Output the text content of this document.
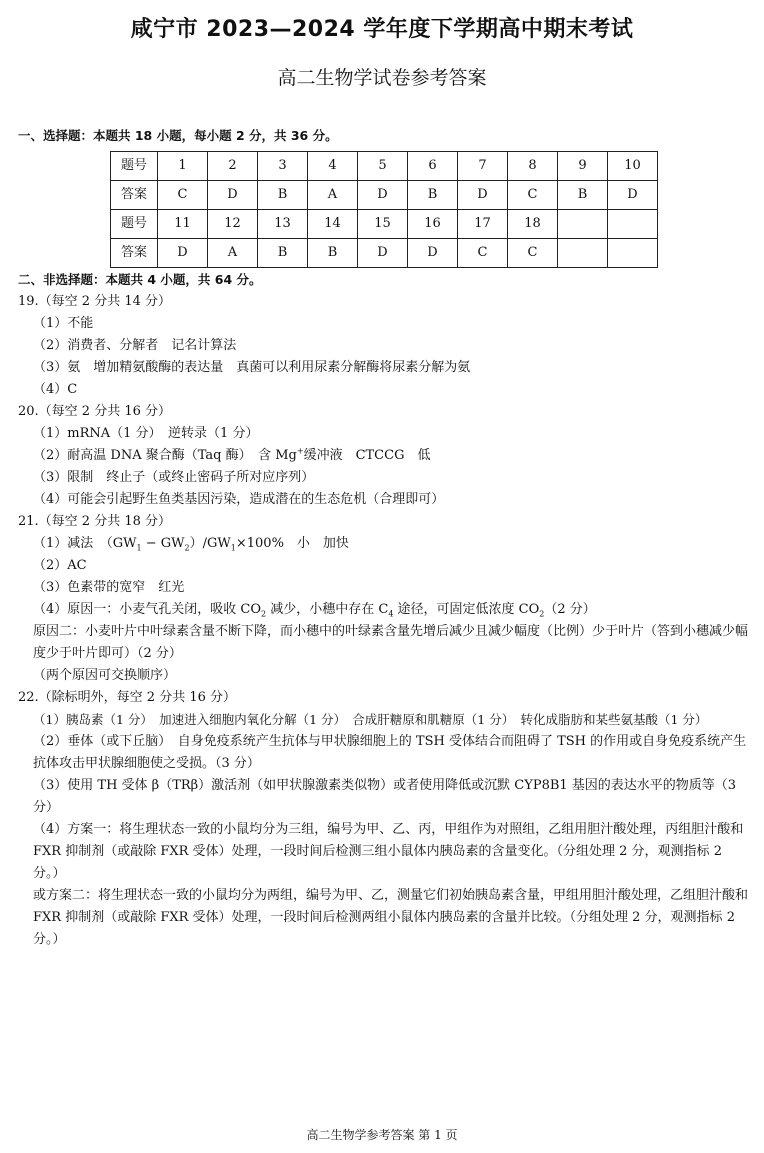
咸宁市 2023—2024 学年度下学期高中期末考试
高二生物学试卷参考答案
一、选择题：本题共 18 小题，每小题 2 分，共 36 分。
题号	1	2	3	4	5	6	7	8	9	10
答案	C	D	B	A	D	B	D	C	B	D
题号	11	12	13	14	15	16	17	18		
答案	D	A	B	B	D	D	C	C		
二、非选择题：本题共 4 小题，共 64 分。
19.（每空 2 分共 14 分）
（1）不能
（2）消费者、分解者　记名计算法
（3）氨　增加精氨酸酶的表达量　真菌可以利用尿素分解酶将尿素分解为氨
（4）C
20.（每空 2 分共 16 分）
（1）mRNA（1 分）　逆转录（1 分）
（2）耐高温 DNA 聚合酶（Taq 酶）　含 Mg+缓冲液　CTCCG　低
（3）限制　终止子（或终止密码子所对应序列）
（4）可能会引起野生鱼类基因污染，造成潜在的生态危机（合理即可）
21.（每空 2 分共 18 分）
（1）减法　$(GW_1 - GW_2)/GW_1\times 100\%$　小　加快
（2）AC
（3）色素带的宽窄　红光
（4）原因一：小麦气孔关闭，吸收 $CO_2$ 减少，小穗中存在 $C_4$ 途径，可固定低浓度 $CO_2(2$ 分）
原因二：小麦叶片中叶绿素含量不断下降，而小穗中的叶绿素含量先增后减少且减少幅度（比例）少于叶片（答到小穗减少幅度少于叶片即可）（2 分）
（两个原因可交换顺序）
22.（除标明外，每空 2 分共 16 分）
（1）胰岛素（1 分）　加速进入细胞内氧化分解（1 分）　合成肝糖原和肌糖原（1 分）　转化成脂肪和某些氨基酸（1 分）
（2）垂体（或下丘脑）　自身免疫系统产生抗体与甲状腺细胞上的 TSH 受体结合而阻碍了 TSH 的作用或自身免疫系统产生抗体攻击甲状腺细胞使之受损。（3 分）
（3）使用 TH 受体 β（TRβ）激活剂（如甲状腺激素类似物）或者使用降低或沉默 CYP8B1 基因的表达水平的物质等（3 分）
（4）方案一：将生理状态一致的小鼠均分为三组，编号为甲、乙、丙，甲组作为对照组，乙组用胆汁酸处理，丙组胆汁酸和 FXR 抑制剂（或敲除 FXR 受体）处理，一段时间后检测三组小鼠体内胰岛素的含量变化。（分组处理 2 分，观测指标 2 分。）
或方案二：将生理状态一致的小鼠均分为两组，编号为甲、乙，测量它们初始胰岛素含量，甲组用胆汁酸处理，乙组胆汁酸和 FXR 抑制剂（或敲除 FXR 受体）处理，一段时间后检测两组小鼠体内胰岛素的含量并比较。（分组处理 2 分，观测指标 2 分。）
高二生物学参考答案 第 1 页
